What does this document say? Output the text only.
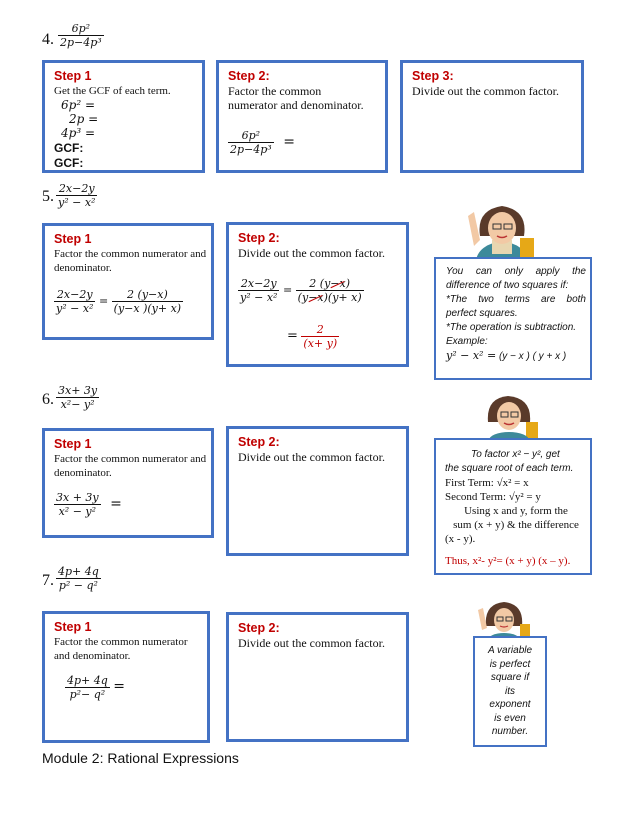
4. $\frac{\text{6p²}}{\text{2p−4p³}}$
Step 1
Get the GCF of each term.
6p² =
2p =
4p³ =
GCF:
GCF:
Step 2:
Factor the common numerator and denominator.
$\frac{\text{6p²}}{\text{2p−4p³}}$ =
Step 3:
Divide out the common factor.
5. $\frac{2x-2y}{\text{y² − x²}}$
Step 1
Factor the common numerator and denominator.
$\frac{2x-2y}{\text{y² − x²}} = \frac{2 (y-x)}{(y-x )(y+ x)}$
Step 2:
Divide out the common factor.
$\frac{2x-2y}{\text{y² − x²}} = \frac{2 (y-x)}{(y-x)(y+ x)}$
= $\frac{2}{(x+ y)}$
You can only apply the
difference of two squares if:
*The two terms are both
perfect squares.
*The operation is subtraction.
Example:
y² − x² = (y − x ) ( y + x )
6. $\frac{3x+ 3y}{\text{x²− y²}}$
Step 1
Factor the common numerator and denominator.
$\frac{3x + 3y}{\text{x² − y²}}$ =
Step 2:
Divide out the common factor.	To factor x² − y², get
the square root of each term.
First Term: √x² = x
Second Term: √y² = y
Using x and y, form the
sum (x + y) & the difference
(x - y).
Thus, x²- y²= (x + y) (x – y).
7. $\frac{4p+ 4q}{\text{p² − q²}}$
Step 1
Factor the common numerator and denominator.
$\frac{4p+ 4q}{\text{p²− q²}}$ =
Step 2:
Divide out the common factor.
A variable
is perfect
square if
its
exponent
is even
number.
Module 2: Rational Expressions
